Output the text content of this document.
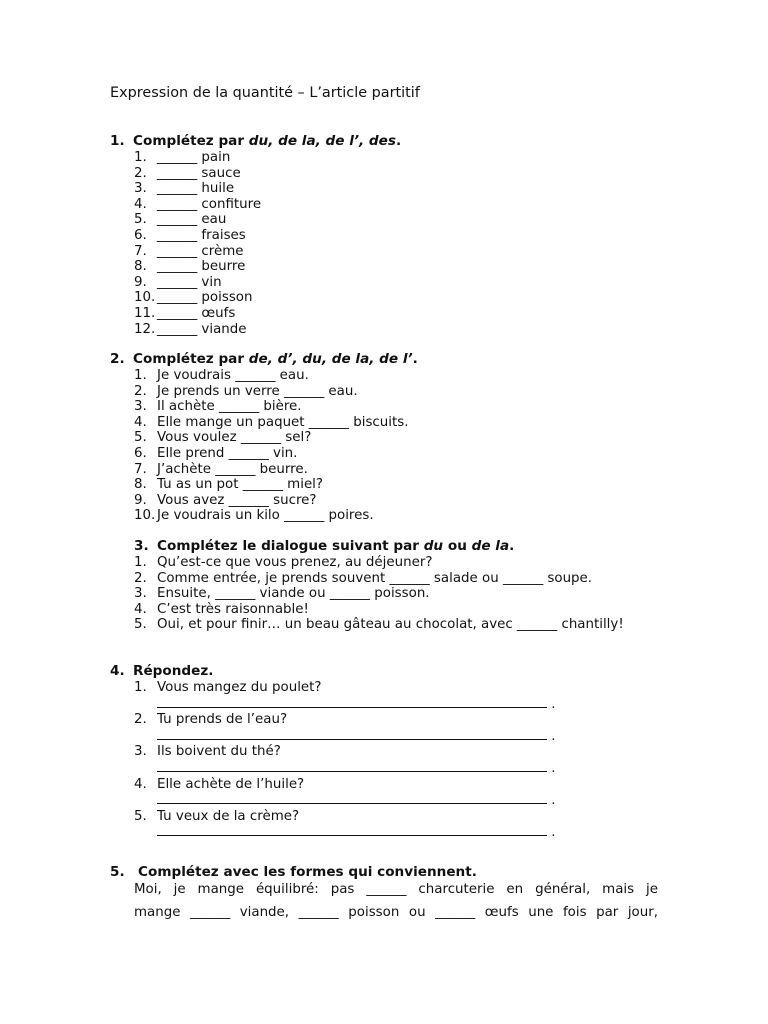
Expression de la quantité – L’article partitif
1. Complétez par du, de la, de l’, des.
1. ______ pain
2. ______ sauce
3. ______ huile
4. ______ confiture
5. ______ eau
6. ______ fraises
7. ______ crème
8. ______ beurre
9. ______ vin
10. ______ poisson
11. ______ œufs
12. ______ viande
2. Complétez par de, d’, du, de la, de l’.
1. Je voudrais ______ eau.
2. Je prends un verre ______ eau.
3. Il achète ______ bière.
4. Elle mange un paquet ______ biscuits.
5. Vous voulez ______ sel?
6. Elle prend ______ vin.
7. J’achète ______ beurre.
8. Tu as un pot ______ miel?
9. Vous avez ______ sucre?
10. Je voudrais un kilo ______ poires.
3. Complétez le dialogue suivant par du ou de la.
1. Qu’est-ce que vous prenez, au déjeuner?
2. Comme entrée, je prends souvent ______ salade ou ______ soupe.
3. Ensuite, ______ viande ou ______ poisson.
4. C’est très raisonnable!
5. Oui, et pour finir… un beau gâteau au chocolat, avec ______ chantilly!
4. Répondez.
1. Vous mangez du poulet?
.
2. Tu prends de l’eau?
.
3. Ils boivent du thé?
.
4. Elle achète de l’huile?
.
5. Tu veux de la crème?
.
5. Complétez avec les formes qui conviennent.
Moi, je mange équilibré: pas ______ charcuterie en général, mais je
mange ______ viande, ______ poisson ou ______ œufs une fois par jour,
